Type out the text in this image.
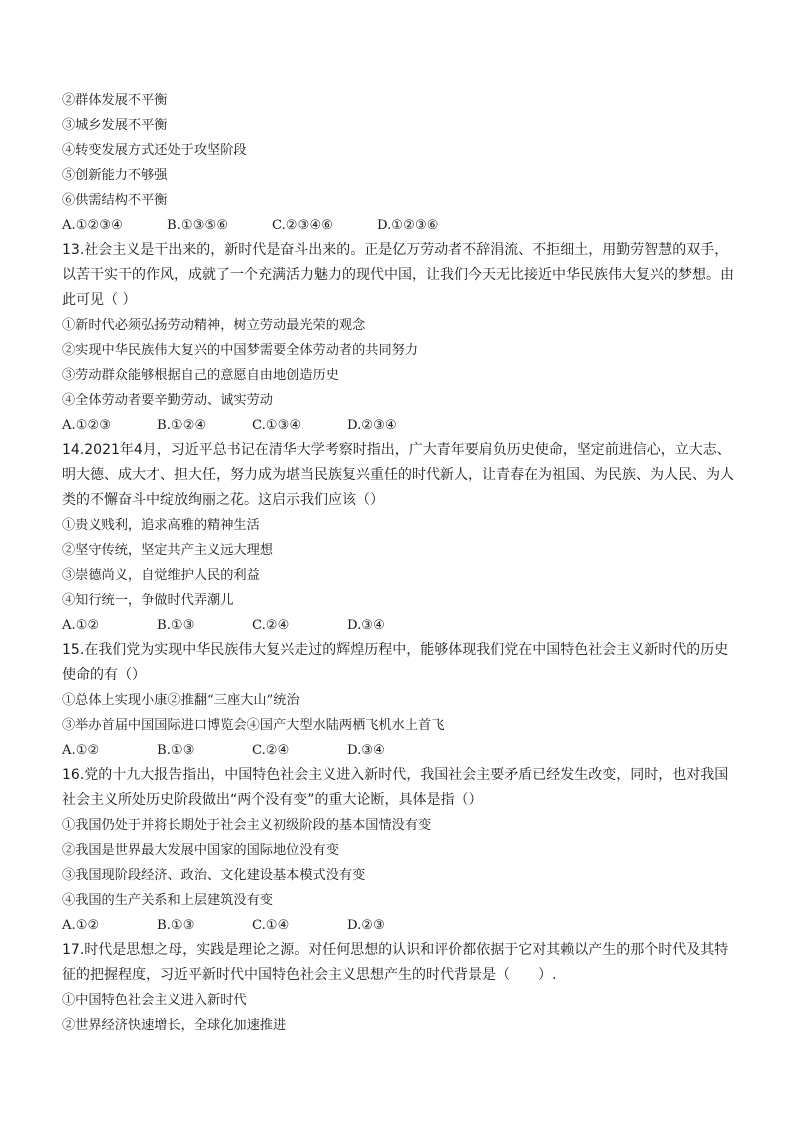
②群体发展不平衡
③城乡发展不平衡
④转变发展方式还处于攻坚阶段
⑤创新能力不够强
⑥供需结构不平衡
A.①②③④	B.①③⑤⑥	C.②③④⑥	D.①②③⑥
13.社会主义是干出来的，新时代是奋斗出来的。正是亿万劳动者不辞涓流、不拒细土，用勤劳智慧的双手，以苦干实干的作风，成就了一个充满活力魅力的现代中国，让我们今天无比接近中华民族伟大复兴的梦想。由此可见（ ）
①新时代必须弘扬劳动精神，树立劳动最光荣的观念
②实现中华民族伟大复兴的中国梦需要全体劳动者的共同努力
③劳动群众能够根据自己的意愿自由地创造历史
④全体劳动者要辛勤劳动、诚实劳动
A.①②③	B.①②④	C.①③④	D.②③④
14.2021年4月，习近平总书记在清华大学考察时指出，广大青年要肩负历史使命，坚定前进信心，立大志、明大德、成大才、担大任，努力成为堪当民族复兴重任的时代新人，让青春在为祖国、为民族、为人民、为人类的不懈奋斗中绽放绚丽之花。这启示我们应该（）
①贵义贱利，追求高雅的精神生活
②坚守传统，坚定共产主义远大理想
③崇德尚义，自觉维护人民的利益
④知行统一，争做时代弄潮儿
A.①②	B.①③	C.②④	D.③④
15.在我们党为实现中华民族伟大复兴走过的辉煌历程中，能够体现我们党在中国特色社会主义新时代的历史使命的有（）
①总体上实现小康②推翻“三座大山”统治
③举办首届中国国际进口博览会④国产大型水陆两栖飞机水上首飞
A.①②	B.①③	C.②④	D.③④
16.党的十九大报告指出，中国特色社会主义进入新时代，我国社会主要矛盾已经发生改变，同时，也对我国社会主义所处历史阶段做出“两个没有变”的重大论断，具体是指（）
①我国仍处于并将长期处于社会主义初级阶段的基本国情没有变
②我国是世界最大发展中国家的国际地位没有变
③我国现阶段经济、政治、文化建设基本模式没有变
④我国的生产关系和上层建筑没有变
A.①②	B.①③	C.①④	D.②③
17.时代是思想之母，实践是理论之源。对任何思想的认识和评价都依据于它对其赖以产生的那个时代及其特征的把握程度，习近平新时代中国特色社会主义思想产生的时代背景是（　　）.
①中国特色社会主义进入新时代
②世界经济快速增长，全球化加速推进
